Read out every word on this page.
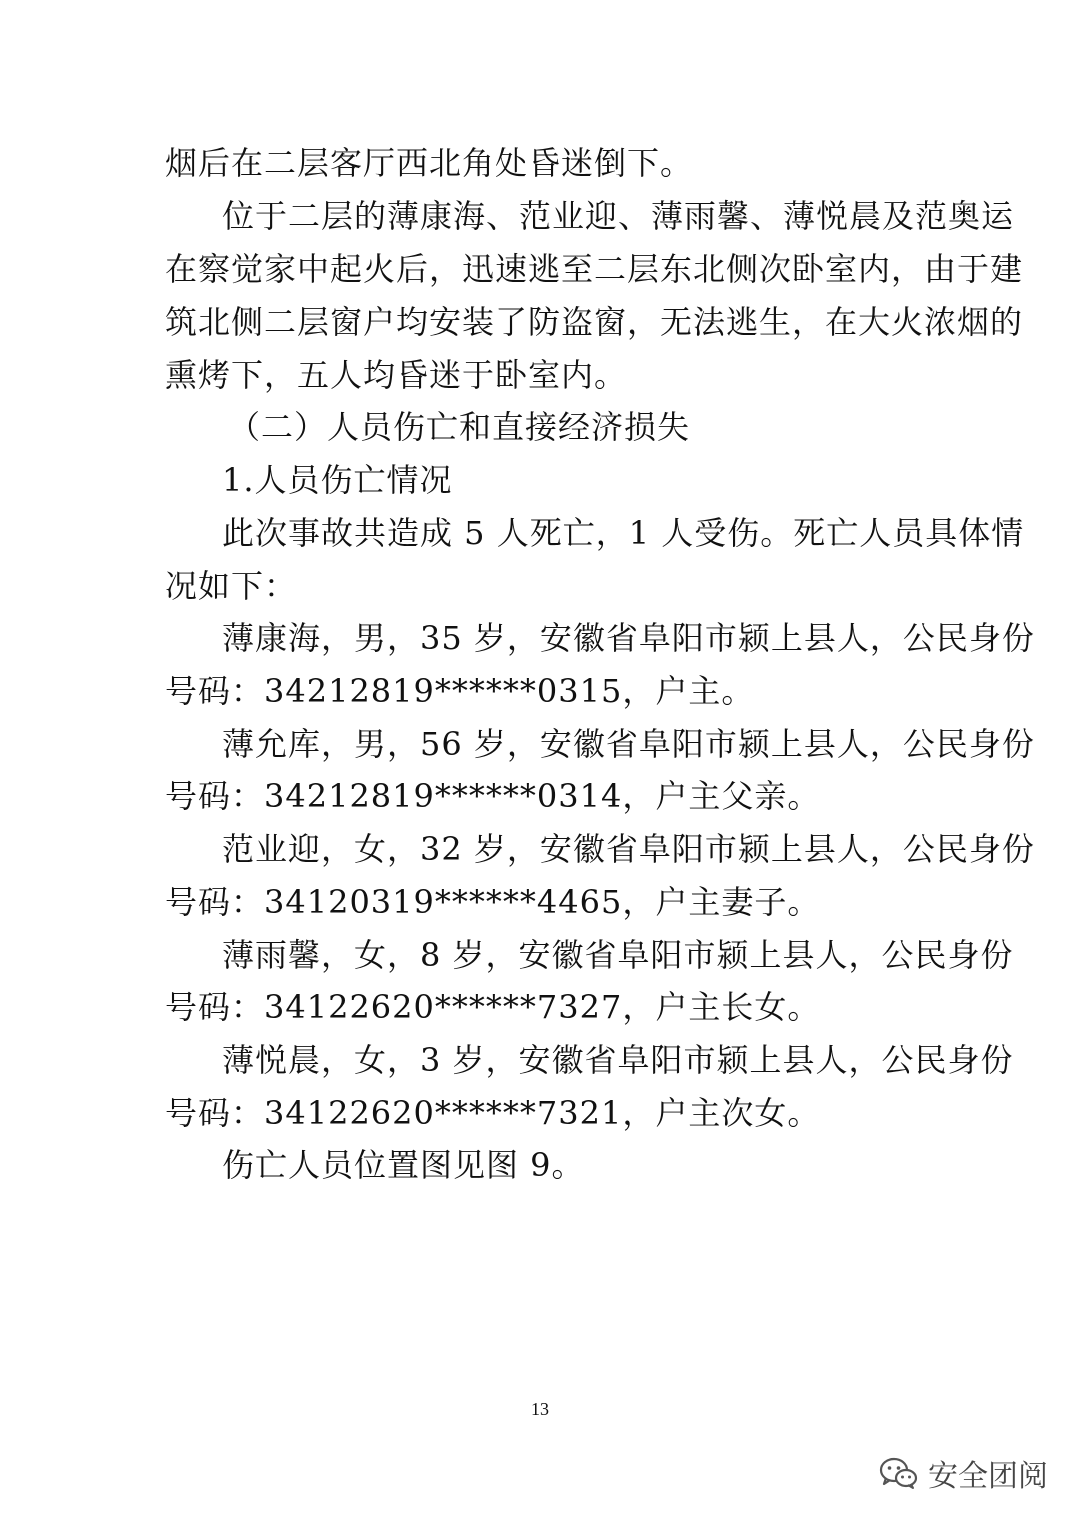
烟后在二层客厅西北角处昏迷倒下。
位于二层的薄康海、范业迎、薄雨馨、薄悦晨及范奥运
在察觉家中起火后，迅速逃至二层东北侧次卧室内，由于建
筑北侧二层窗户均安装了防盗窗，无法逃生，在大火浓烟的
熏烤下，五人均昏迷于卧室内。
（二）人员伤亡和直接经济损失
1.人员伤亡情况
此次事故共造成 5 人死亡，1 人受伤。死亡人员具体情
况如下：
薄康海，男，35 岁，安徽省阜阳市颍上县人，公民身份
号码：34212819******0315，户主。
薄允库，男，56 岁，安徽省阜阳市颍上县人，公民身份
号码：34212819******0314，户主父亲。
范业迎，女，32 岁，安徽省阜阳市颍上县人，公民身份
号码：34120319******4465，户主妻子。
薄雨馨，女，8 岁，安徽省阜阳市颍上县人，公民身份
号码：34122620******7327，户主长女。
薄悦晨，女，3 岁，安徽省阜阳市颍上县人，公民身份
号码：34122620******7321，户主次女。
伤亡人员位置图见图 9。
13
安全团阅
